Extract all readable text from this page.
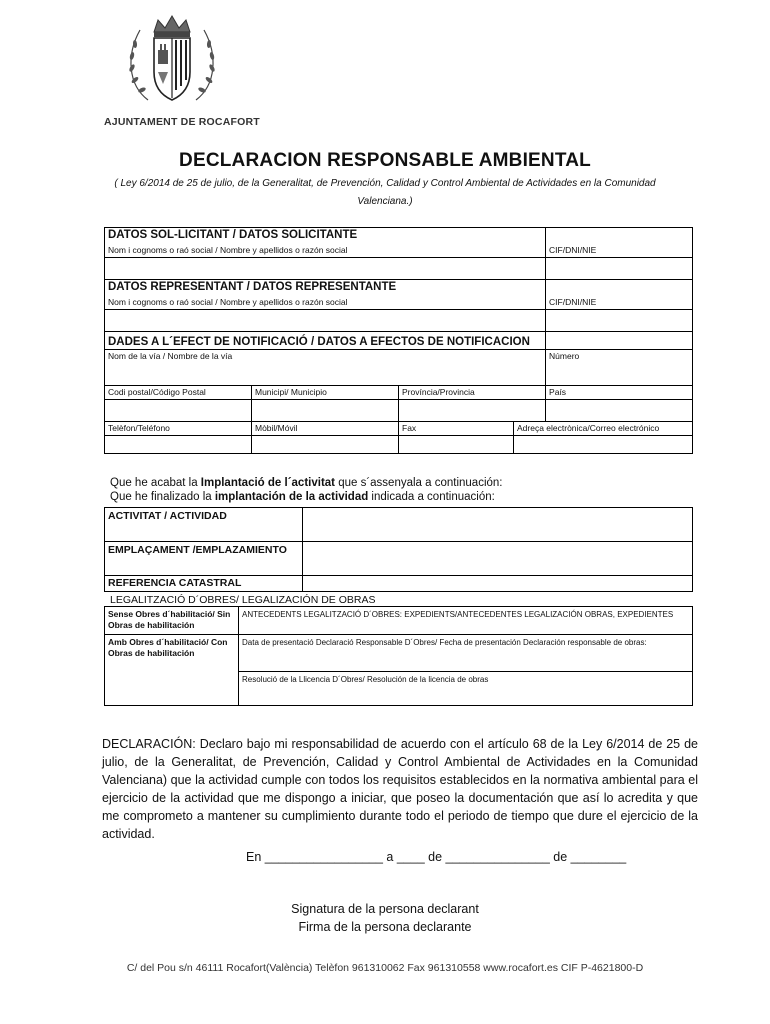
AJUNTAMENT DE ROCAFORT
DECLARACION RESPONSABLE AMBIENTAL
( Ley 6/2014 de 25 de julio, de la Generalitat, de Prevención, Calidad y Control Ambiental de Actividades en la Comunidad Valenciana.)
DATOS SOL-LICITANT / DATOS SOLICITANTE				
Nom i cognoms o raó social / Nombre y apellidos o razón social				CIF/DNI/NIE

DATOS REPRESENTANT / DATOS REPRESENTANTE				
Nom i cognoms o raó social / Nombre y apellidos o razón social				CIF/DNI/NIE

DADES A L´EFECT DE NOTIFICACIÓ / DATOS A EFECTOS DE NOTIFICACION				
Nom de la vía / Nombre de la vía				Número
Codi postal/Código Postal	Municipi/ Municipio	Província/Provincia		País

Telèfon/Teléfono	Mòbil/Móvil	Fax	Adreça electrònica/Correo electrónico	

Que he acabat la Implantació de l´activitat que s´assenyala a continuación:
Que he finalizado la implantación de la actividad indicada a continuación:
ACTIVITAT / ACTIVIDAD	
EMPLAÇAMENT /EMPLAZAMIENTO	
REFERENCIA CATASTRAL	
LEGALITZACIÓ D´OBRES/ LEGALIZACIÓN DE OBRAS
Sense Obres d´habilitació/ Sin Obras de habilitación	ANTECEDENTS LEGALITZACIÓ D´OBRES: EXPEDIENTS/ANTECEDENTES LEGALIZACIÓN OBRAS, EXPEDIENTES
Amb Obres d´habilitació/ Con Obras de habilitación	Data de presentació Declaració Responsable D´Obres/ Fecha de presentación Declaración responsable de obras:
	Resolució de la Llicencia D´Obres/ Resolución de la licencia de obras
DECLARACIÓN: Declaro bajo mi responsabilidad de acuerdo con el artículo 68 de la Ley 6/2014 de 25 de julio, de la Generalitat, de Prevención, Calidad y Control Ambiental de Actividades en la Comunidad Valenciana) que la actividad cumple con todos los requisitos establecidos en la normativa ambiental para el ejercicio de la actividad que me dispongo a iniciar, que poseo la documentación que así lo acredita y que me comprometo a mantener su cumplimiento durante todo el periodo de tiempo que dure el ejercicio de la actividad.
En _________________ a ____ de _______________ de ________
Signatura de la persona declarant
Firma de la persona declarante
C/ del Pou s/n 46111 Rocafort(València) Telèfon 961310062 Fax 961310558 www.rocafort.es CIF P-4621800-D
